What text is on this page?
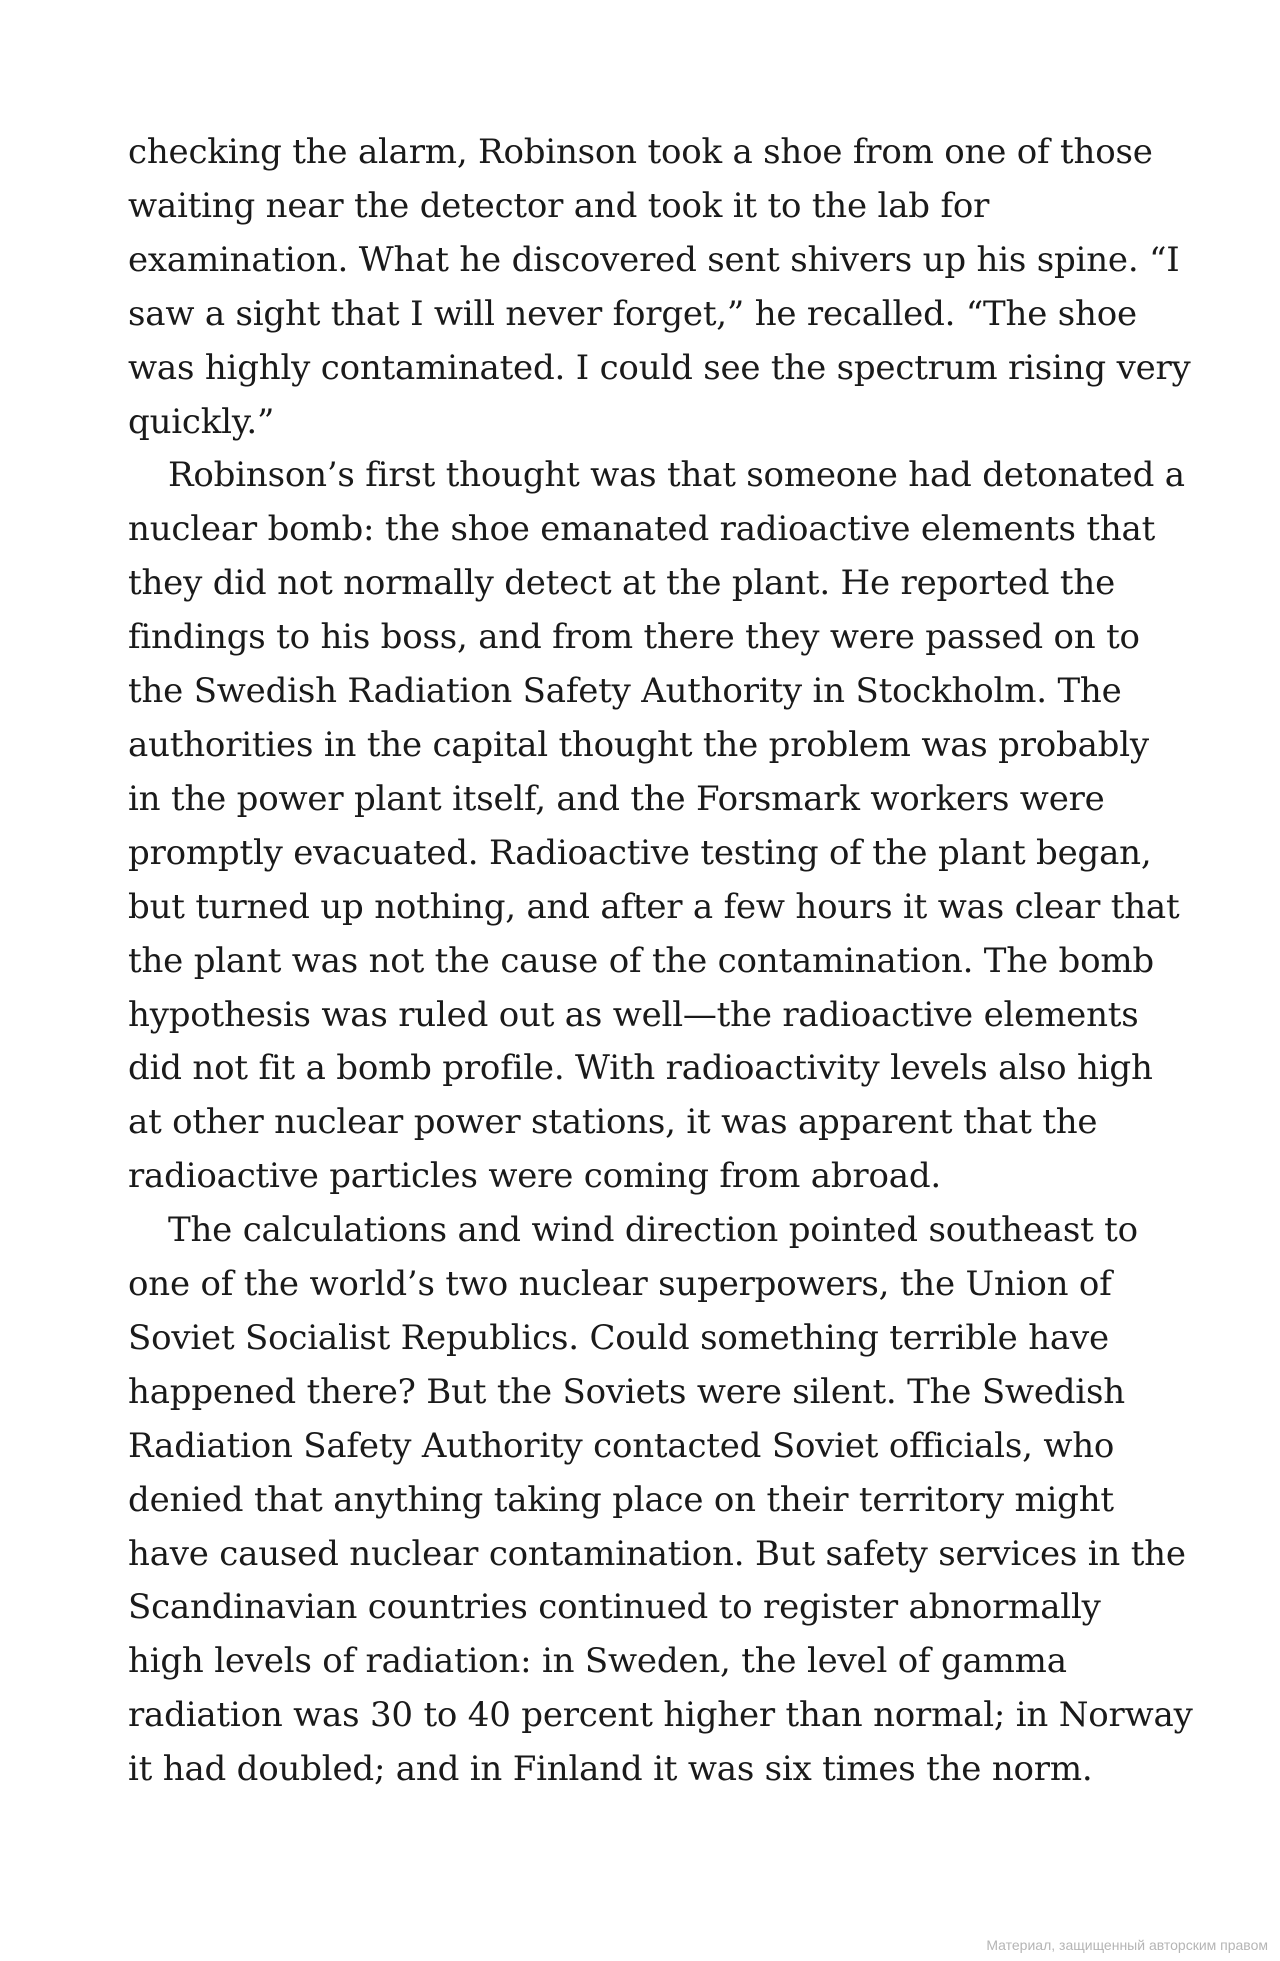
checking the alarm, Robinson took a shoe from one of those
waiting near the detector and took it to the lab for
examination. What he discovered sent shivers up his spine. “I
saw a sight that I will never forget,” he recalled. “The shoe
was highly contaminated. I could see the spectrum rising very
quickly.”
Robinson’s first thought was that someone had detonated a
nuclear bomb: the shoe emanated radioactive elements that
they did not normally detect at the plant. He reported the
findings to his boss, and from there they were passed on to
the Swedish Radiation Safety Authority in Stockholm. The
authorities in the capital thought the problem was probably
in the power plant itself, and the Forsmark workers were
promptly evacuated. Radioactive testing of the plant began,
but turned up nothing, and after a few hours it was clear that
the plant was not the cause of the contamination. The bomb
hypothesis was ruled out as well—the radioactive elements
did not fit a bomb profile. With radioactivity levels also high
at other nuclear power stations, it was apparent that the
radioactive particles were coming from abroad.
The calculations and wind direction pointed southeast to
one of the world’s two nuclear superpowers, the Union of
Soviet Socialist Republics. Could something terrible have
happened there? But the Soviets were silent. The Swedish
Radiation Safety Authority contacted Soviet officials, who
denied that anything taking place on their territory might
have caused nuclear contamination. But safety services in the
Scandinavian countries continued to register abnormally
high levels of radiation: in Sweden, the level of gamma
radiation was 30 to 40 percent higher than normal; in Norway
it had doubled; and in Finland it was six times the norm.
Материал, защищенный авторским правом
